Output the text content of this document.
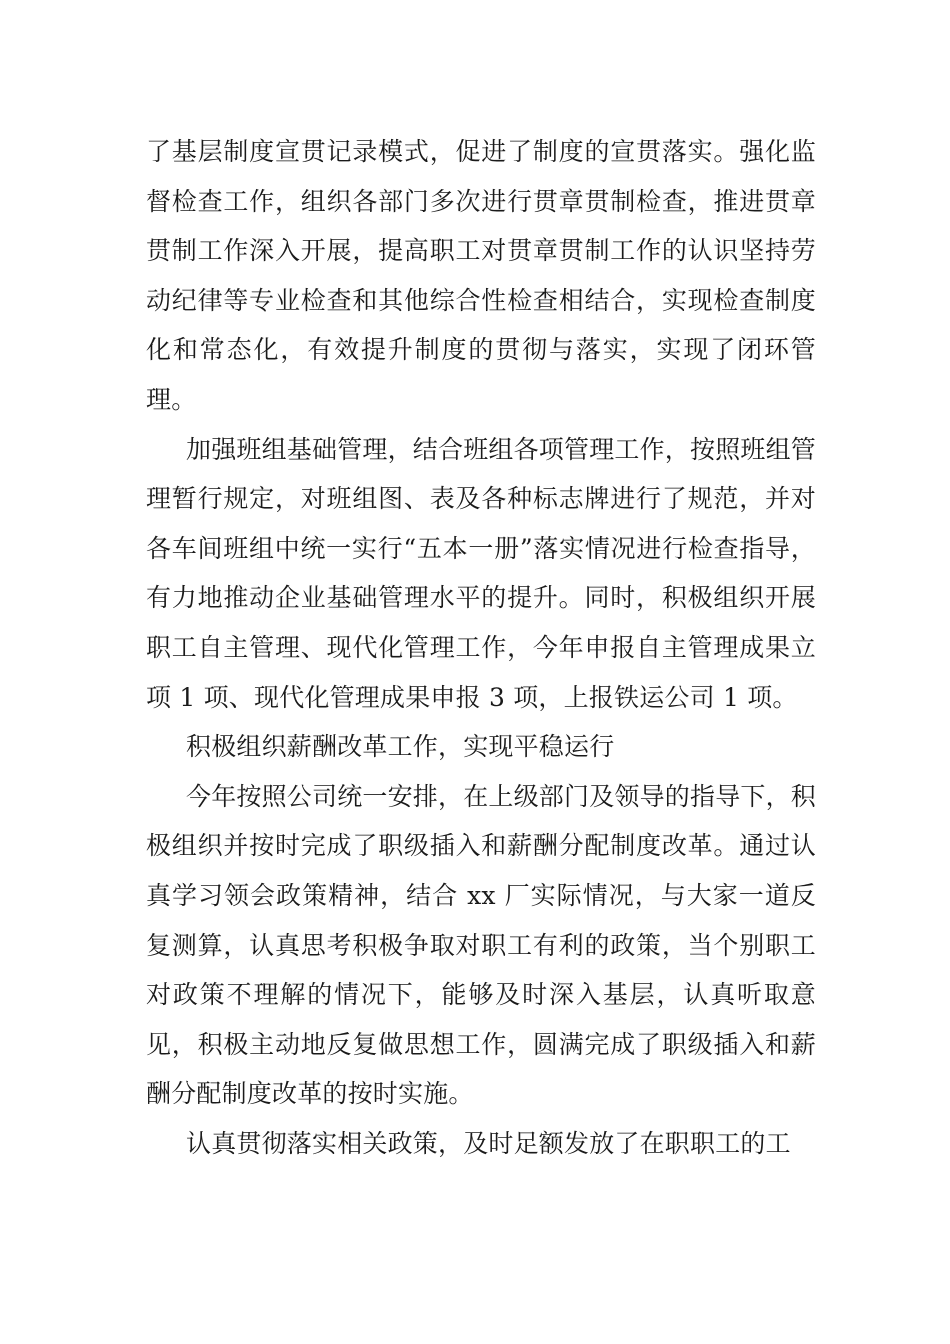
了基层制度宣贯记录模式，促进了制度的宣贯落实。强化监督检查工作，组织各部门多次进行贯章贯制检查，推进贯章贯制工作深入开展，提高职工对贯章贯制工作的认识坚持劳动纪律等专业检查和其他综合性检查相结合，实现检查制度化和常态化，有效提升制度的贯彻与落实，实现了闭环管理。

加强班组基础管理，结合班组各项管理工作，按照班组管理暂行规定，对班组图、表及各种标志牌进行了规范，并对各车间班组中统一实行“五本一册”落实情况进行检查指导，有力地推动企业基础管理水平的提升。同时，积极组织开展职工自主管理、现代化管理工作，今年申报自主管理成果立项 1 项、现代化管理成果申报 3 项，上报铁运公司 1 项。

积极组织薪酬改革工作，实现平稳运行

今年按照公司统一安排，在上级部门及领导的指导下，积极组织并按时完成了职级插入和薪酬分配制度改革。通过认真学习领会政策精神，结合 xx 厂实际情况，与大家一道反复测算，认真思考积极争取对职工有利的政策，当个别职工对政策不理解的情况下，能够及时深入基层，认真听取意见，积极主动地反复做思想工作，圆满完成了职级插入和薪酬分配制度改革的按时实施。

认真贯彻落实相关政策，及时足额发放了在职职工的工
